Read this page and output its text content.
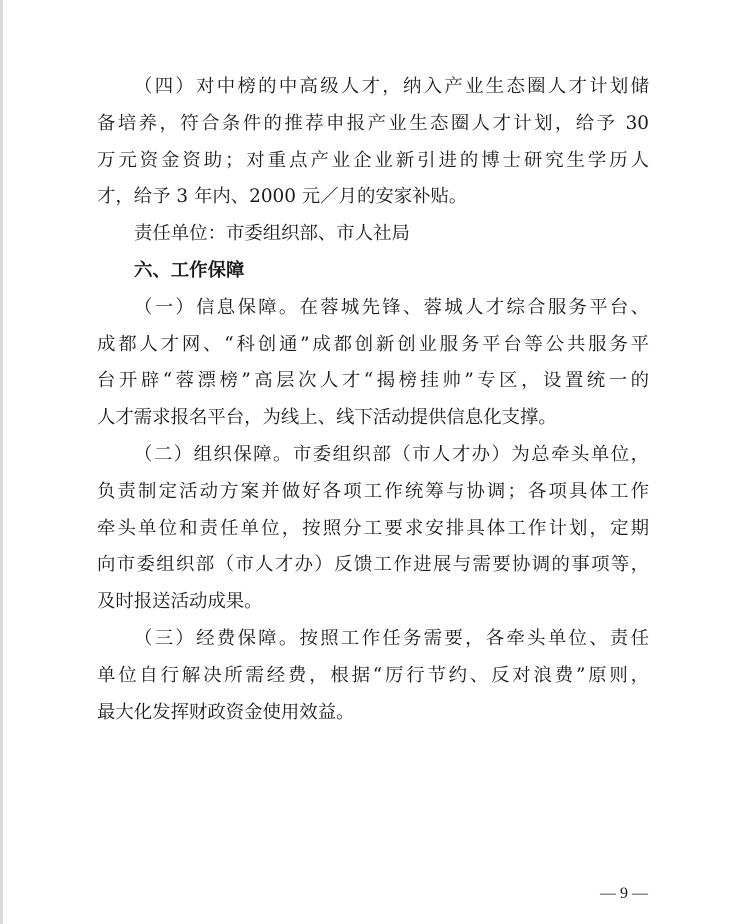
（四）对中榜的中高级人才，纳入产业生态圈人才计划储
备培养，符合条件的推荐申报产业生态圈人才计划，给予 30
万元资金资助；对重点产业企业新引进的博士研究生学历人
才，给予 3 年内、2000 元／月的安家补贴。
责任单位：市委组织部、市人社局
六、工作保障
（一）信息保障。在蓉城先锋、蓉城人才综合服务平台、
成都人才网、“科创通”成都创新创业服务平台等公共服务平
台开辟“蓉漂榜”高层次人才“揭榜挂帅”专区，设置统一的
人才需求报名平台，为线上、线下活动提供信息化支撑。
（二）组织保障。市委组织部（市人才办）为总牵头单位，
负责制定活动方案并做好各项工作统筹与协调；各项具体工作
牵头单位和责任单位，按照分工要求安排具体工作计划，定期
向市委组织部（市人才办）反馈工作进展与需要协调的事项等，
及时报送活动成果。
（三）经费保障。按照工作任务需要，各牵头单位、责任
单位自行解决所需经费，根据“厉行节约、反对浪费”原则，
最大化发挥财政资金使用效益。
— 9 —
